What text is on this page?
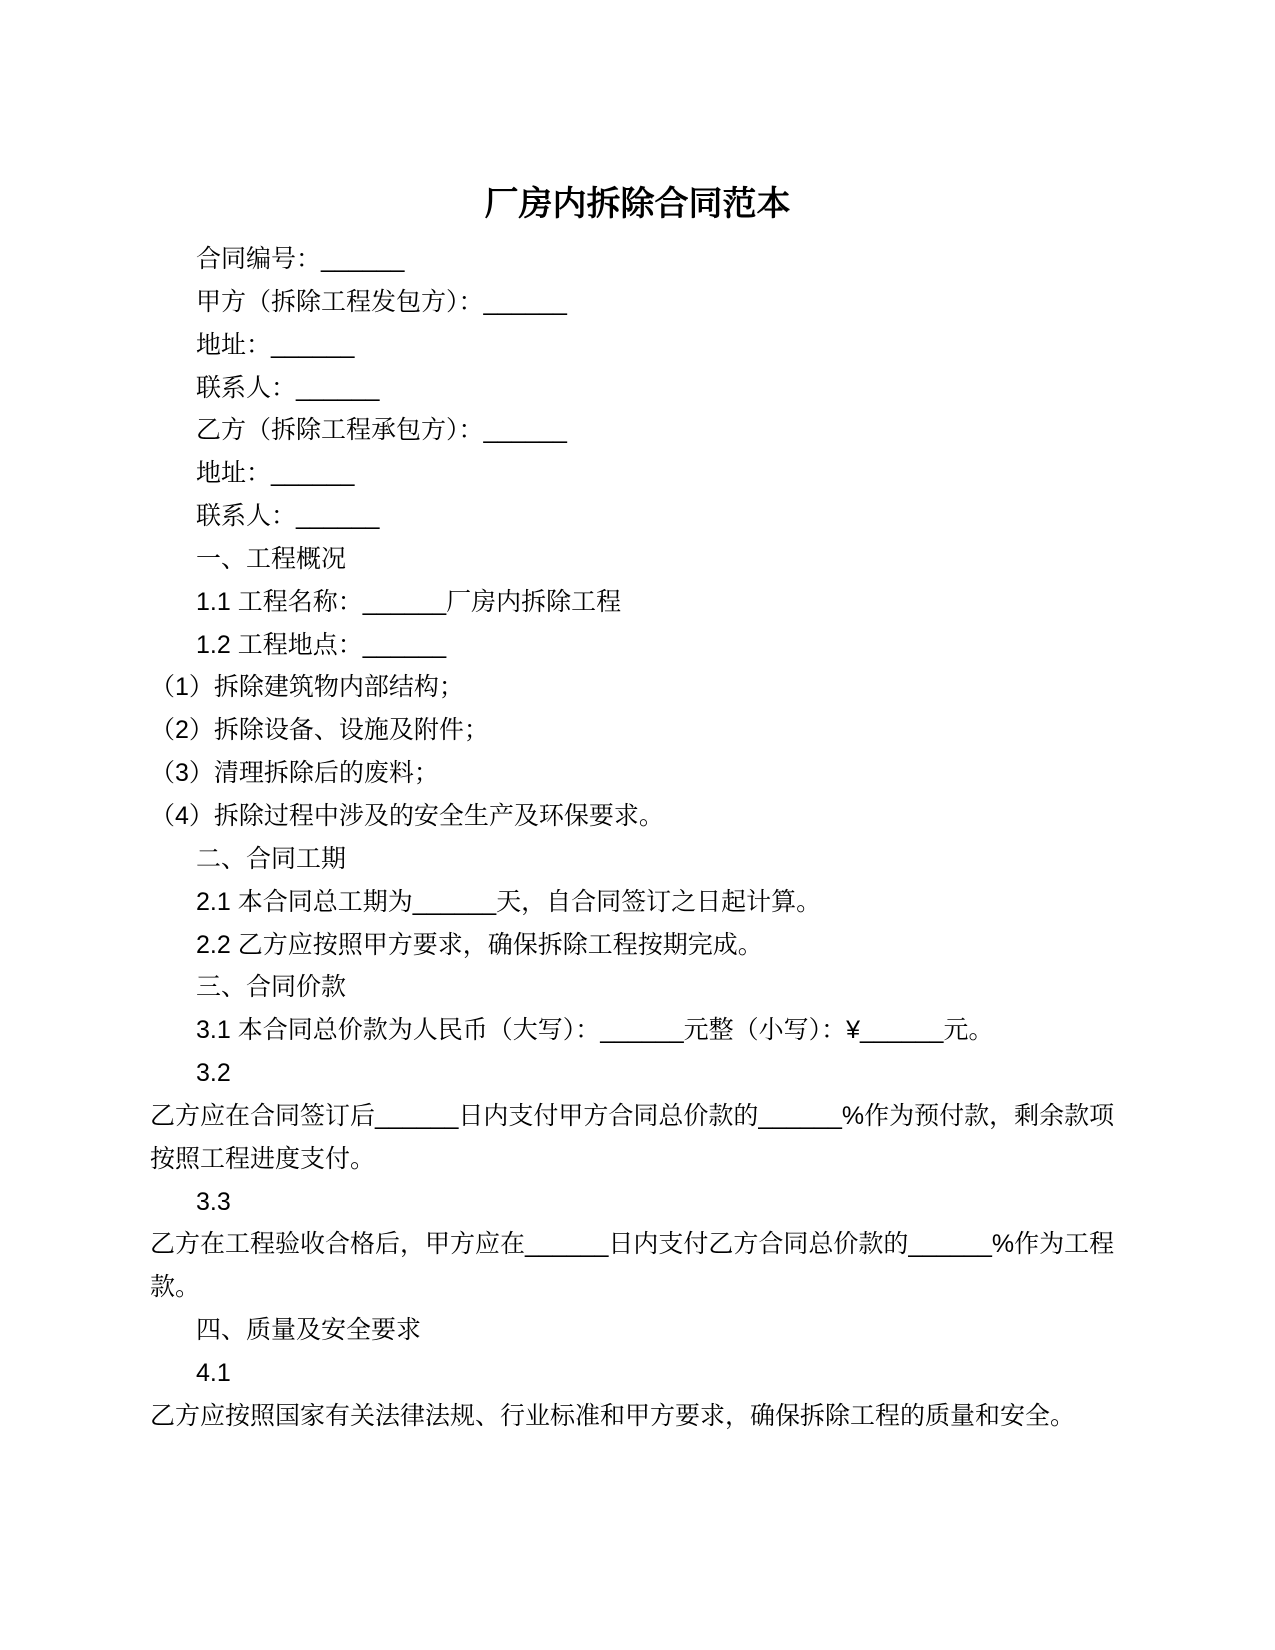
厂房内拆除合同范本
合同编号：______
甲方（拆除工程发包方）：______
地址：______
联系人：______
乙方（拆除工程承包方）：______
地址：______
联系人：______
一、工程概况
1.1 工程名称：______厂房内拆除工程
1.2 工程地点：______
（1）拆除建筑物内部结构；
（2）拆除设备、设施及附件；
（3）清理拆除后的废料；
（4）拆除过程中涉及的安全生产及环保要求。
二、合同工期
2.1 本合同总工期为______天，自合同签订之日起计算。
2.2 乙方应按照甲方要求，确保拆除工程按期完成。
三、合同价款
3.1 本合同总价款为人民币（大写）：______元整（小写）：¥______元。
3.2
乙方应在合同签订后______日内支付甲方合同总价款的______%作为预付款，剩余款项
按照工程进度支付。
3.3
乙方在工程验收合格后，甲方应在______日内支付乙方合同总价款的______%作为工程
款。
四、质量及安全要求
4.1
乙方应按照国家有关法律法规、行业标准和甲方要求，确保拆除工程的质量和安全。
